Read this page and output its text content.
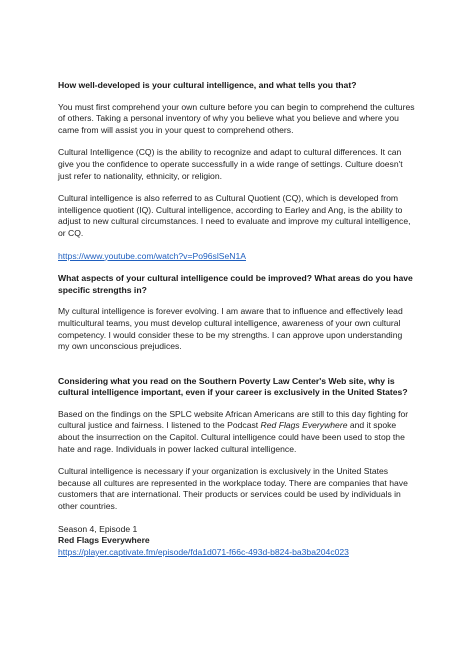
How well-developed is your cultural intelligence, and what tells you that?

You must first comprehend your own culture before you can begin to comprehend the cultures of others. Taking a personal inventory of why you believe what you believe and where you came from will assist you in your quest to comprehend others.

Cultural Intelligence (CQ) is the ability to recognize and adapt to cultural differences. It can give you the confidence to operate successfully in a wide range of settings. Culture doesn't just refer to nationality, ethnicity, or religion.

Cultural intelligence is also referred to as Cultural Quotient (CQ), which is developed from intelligence quotient (IQ). Cultural intelligence, according to Earley and Ang, is the ability to adjust to new cultural circumstances. I need to evaluate and improve my cultural intelligence, or CQ.

https://www.youtube.com/watch?v=Po96slSeN1A

What aspects of your cultural intelligence could be improved? What areas do you have specific strengths in?

My cultural intelligence is forever evolving. I am aware that to influence and effectively lead multicultural teams, you must develop cultural intelligence, awareness of your own cultural competency. I would consider these to be my strengths. I can approve upon understanding my own unconscious prejudices.

Considering what you read on the Southern Poverty Law Center's Web site, why is cultural intelligence important, even if your career is exclusively in the United States?

Based on the findings on the SPLC website African Americans are still to this day fighting for cultural justice and fairness. I listened to the Podcast Red Flags Everywhere and it spoke about the insurrection on the Capitol. Cultural intelligence could have been used to stop the hate and rage. Individuals in power lacked cultural intelligence.

Cultural intelligence is necessary if your organization is exclusively in the United States because all cultures are represented in the workplace today. There are companies that have customers that are international. Their products or services could be used by individuals in other countries.

Season 4, Episode 1
Red Flags Everywhere
https://player.captivate.fm/episode/fda1d071-f66c-493d-b824-ba3ba204c023
